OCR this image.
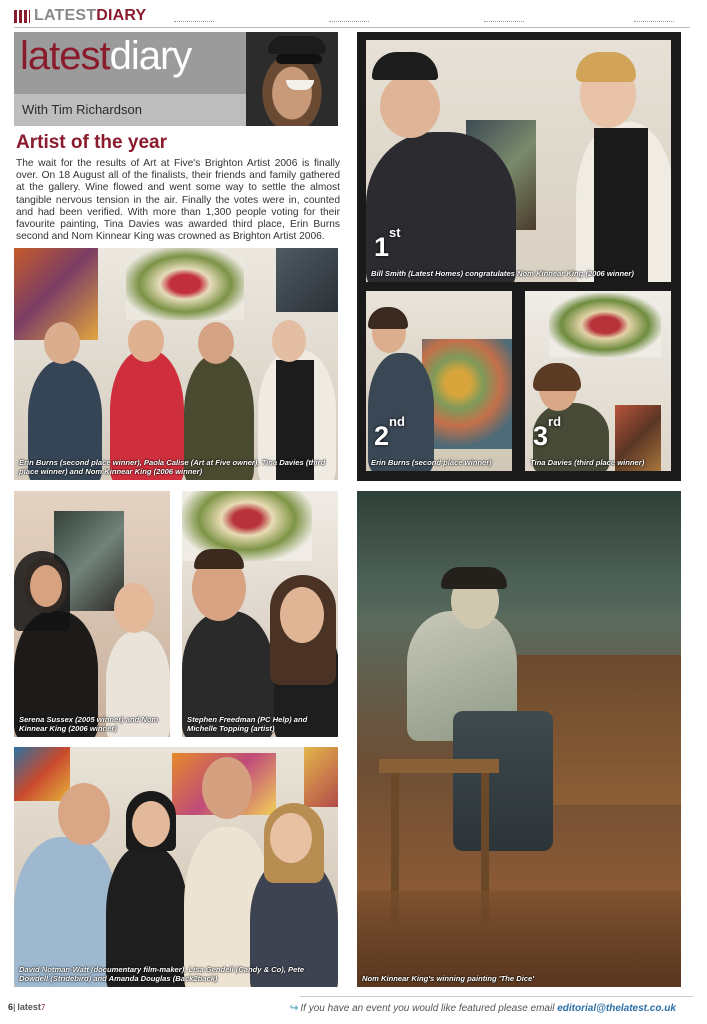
LATESTDIARY
latestdiary
With Tim Richardson
Artist of the year
The wait for the results of Art at Five's Brighton Artist 2006 is finally over. On 18 August all of the finalists, their friends and family gathered at the gallery. Wine flowed and went some way to settle the almost tangible nervous tension in the air. Finally the votes were in, counted and had been verified. With more than 1,300 people voting for their favourite painting, Tina Davies was awarded third place, Erin Burns second and Nom Kinnear King was crowned as Brighton Artist 2006.	1st
Bill Smith (Latest Homes) congratulates Nom Kinnear King (2006 winner)
2nd
Erin Burns (second place winner)
3rd
Tina Davies (third place winner)
Erin Burns (second place winner), Paola Calise (Art at Five owner), Tina Davies (third place winner) and Nom Kinnear King (2006 winner)
Serena Sussex (2005 winner) and Nom Kinnear King (2006 winner)
Stephen Freedman (PC Help) and Michelle Topping (artist)
David Notman-Watt (documentary film-maker), Lisa Gendell (Candy & Co), Pete Dowdell (Stridebird) and Amanda Douglas (Back2back)	Nom Kinnear King's winning painting 'The Dice'
6| latest7	↪ If you have an event you would like featured please email editorial@thelatest.co.uk
